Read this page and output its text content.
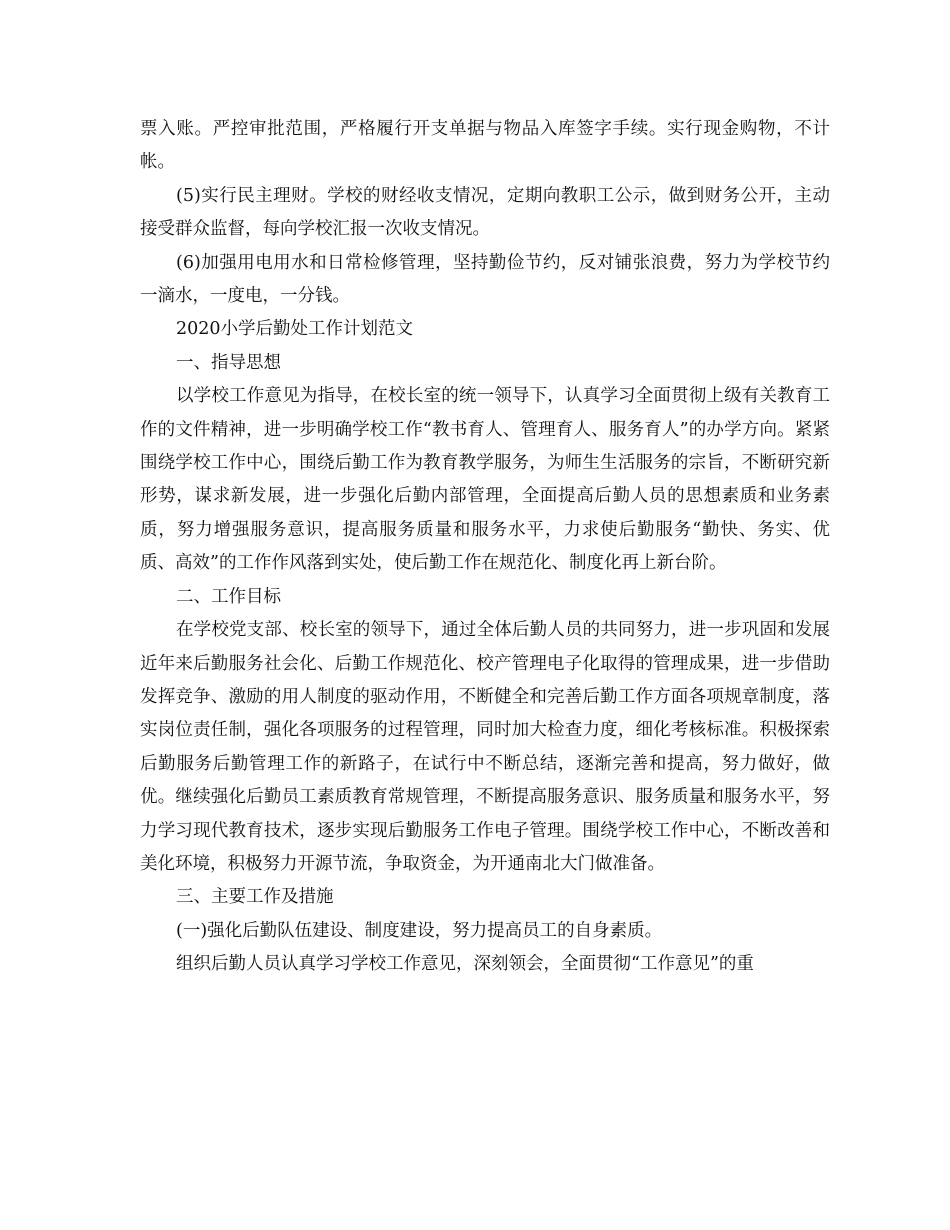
票入账。严控审批范围，严格履行开支单据与物品入库签字手续。实行现金购物，不计帐。

(5)实行民主理财。学校的财经收支情况，定期向教职工公示，做到财务公开，主动接受群众监督，每向学校汇报一次收支情况。

(6)加强用电用水和日常检修管理，坚持勤俭节约，反对铺张浪费，努力为学校节约一滴水，一度电，一分钱。

2020小学后勤处工作计划范文

一、指导思想

以学校工作意见为指导，在校长室的统一领导下，认真学习全面贯彻上级有关教育工作的文件精神，进一步明确学校工作“教书育人、管理育人、服务育人”的办学方向。紧紧围绕学校工作中心，围绕后勤工作为教育教学服务，为师生生活服务的宗旨，不断研究新形势，谋求新发展，进一步强化后勤内部管理，全面提高后勤人员的思想素质和业务素质，努力增强服务意识，提高服务质量和服务水平，力求使后勤服务“勤快、务实、优质、高效”的工作作风落到实处，使后勤工作在规范化、制度化再上新台阶。

二、工作目标

在学校党支部、校长室的领导下，通过全体后勤人员的共同努力，进一步巩固和发展近年来后勤服务社会化、后勤工作规范化、校产管理电子化取得的管理成果，进一步借助发挥竞争、激励的用人制度的驱动作用，不断健全和完善后勤工作方面各项规章制度，落实岗位责任制，强化各项服务的过程管理，同时加大检查力度，细化考核标准。积极探索后勤服务后勤管理工作的新路子，在试行中不断总结，逐渐完善和提高，努力做好，做优。继续强化后勤员工素质教育常规管理，不断提高服务意识、服务质量和服务水平，努力学习现代教育技术，逐步实现后勤服务工作电子管理。围绕学校工作中心，不断改善和美化环境，积极努力开源节流，争取资金，为开通南北大门做准备。

三、主要工作及措施

(一)强化后勤队伍建设、制度建设，努力提高员工的自身素质。

组织后勤人员认真学习学校工作意见，深刻领会，全面贯彻“工作意见”的重
